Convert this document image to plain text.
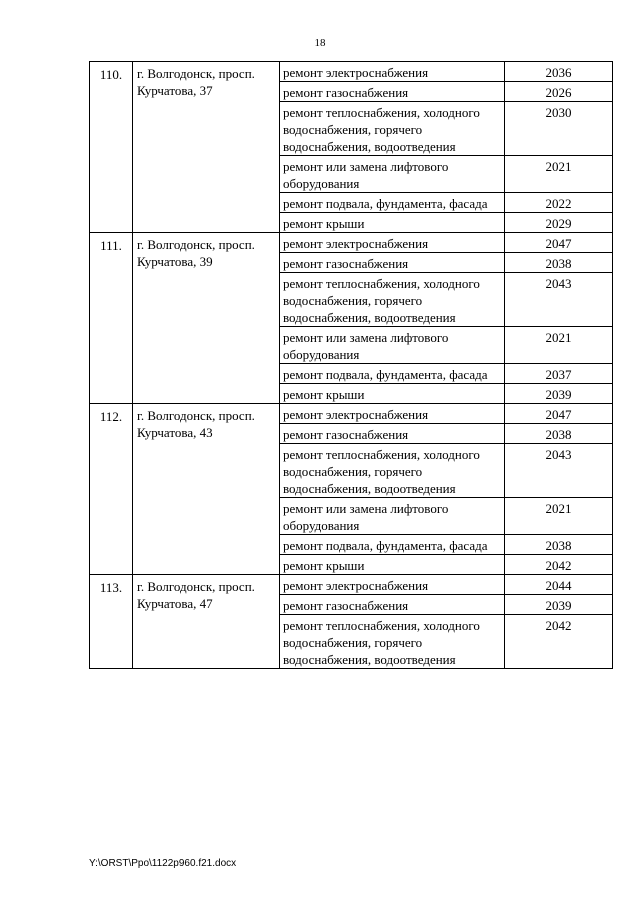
18
110.	г. Волгодонск, просп. Курчатова, 37	ремонт электроснабжения	2036
		ремонт газоснабжения	2026
		ремонт теплоснабжения, холодного водоснабжения, горячего водоснабжения, водоотведения	2030
		ремонт или замена лифтового оборудования	2021
		ремонт подвала, фундамента, фасада	2022
		ремонт крыши	2029
111.	г. Волгодонск, просп. Курчатова, 39	ремонт электроснабжения	2047
		ремонт газоснабжения	2038
		ремонт теплоснабжения, холодного водоснабжения, горячего водоснабжения, водоотведения	2043
		ремонт или замена лифтового оборудования	2021
		ремонт подвала, фундамента, фасада	2037
		ремонт крыши	2039
112.	г. Волгодонск, просп. Курчатова, 43	ремонт электроснабжения	2047
		ремонт газоснабжения	2038
		ремонт теплоснабжения, холодного водоснабжения, горячего водоснабжения, водоотведения	2043
		ремонт или замена лифтового оборудования	2021
		ремонт подвала, фундамента, фасада	2038
		ремонт крыши	2042
113.	г. Волгодонск, просп. Курчатова, 47	ремонт электроснабжения	2044
		ремонт газоснабжения	2039
		ремонт теплоснабжения, холодного водоснабжения, горячего водоснабжения, водоотведения	2042
Y:\ORST\Ppo\1122p960.f21.docx
